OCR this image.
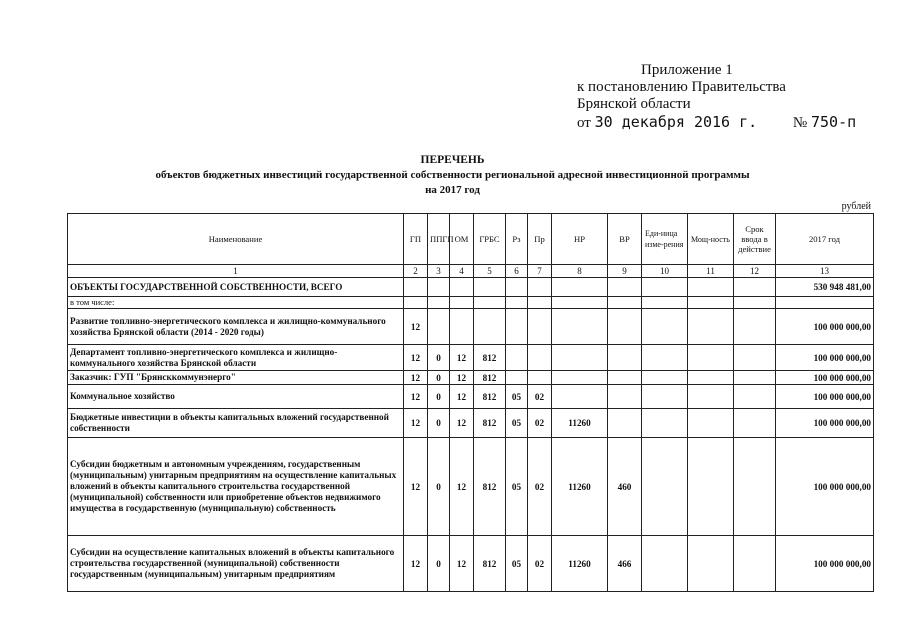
Приложение 1
к постановлению Правительства
Брянской области
от 30 декабря 2016 г. № 750-п
ПЕРЕЧЕНЬ
объектов бюджетных инвестиций государственной собственности региональной адресной инвестиционной программы
на 2017 год
рублей
Наименование	ГП	ППГП	ОМ	ГРБС	Рз	Пр	НР	ВР	Еди-ница изме-рения	Мощ-ность	Срок ввода в действие	2017 год
1	2	3	4	5	6	7	8	9	10	11	12	13
ОБЪЕКТЫ ГОСУДАРСТВЕННОЙ СОБСТВЕННОСТИ, ВСЕГО												530 948 481,00
в том числе:												
Развитие топливно-энергетического комплекса и жилищно-коммунального хозяйства Брянской области (2014 - 2020 годы)	12											100 000 000,00
Департамент топливно-энергетического комплекса и жилищно-коммунального хозяйства Брянской области	12	0	12	812								100 000 000,00
Заказчик: ГУП "Брянсккоммунэнерго"	12	0	12	812								100 000 000,00
Коммунальное хозяйство	12	0	12	812	05	02						100 000 000,00
Бюджетные инвестиции в объекты капитальных вложений государственной собственности	12	0	12	812	05	02	11260					100 000 000,00
Субсидии бюджетным и автономным учреждениям, государственным (муниципальным) унитарным предприятиям на осуществление капитальных вложений в объекты капитального строительства государственной (муниципальной) собственности или приобретение объектов недвижимого имущества в государственную (муниципальную) собственность	12	0	12	812	05	02	11260	460				100 000 000,00
Субсидии на осуществление капитальных вложений в объекты капитального строительства государственной (муниципальной) собственности государственным (муниципальным) унитарным предприятиям	12	0	12	812	05	02	11260	466				100 000 000,00
